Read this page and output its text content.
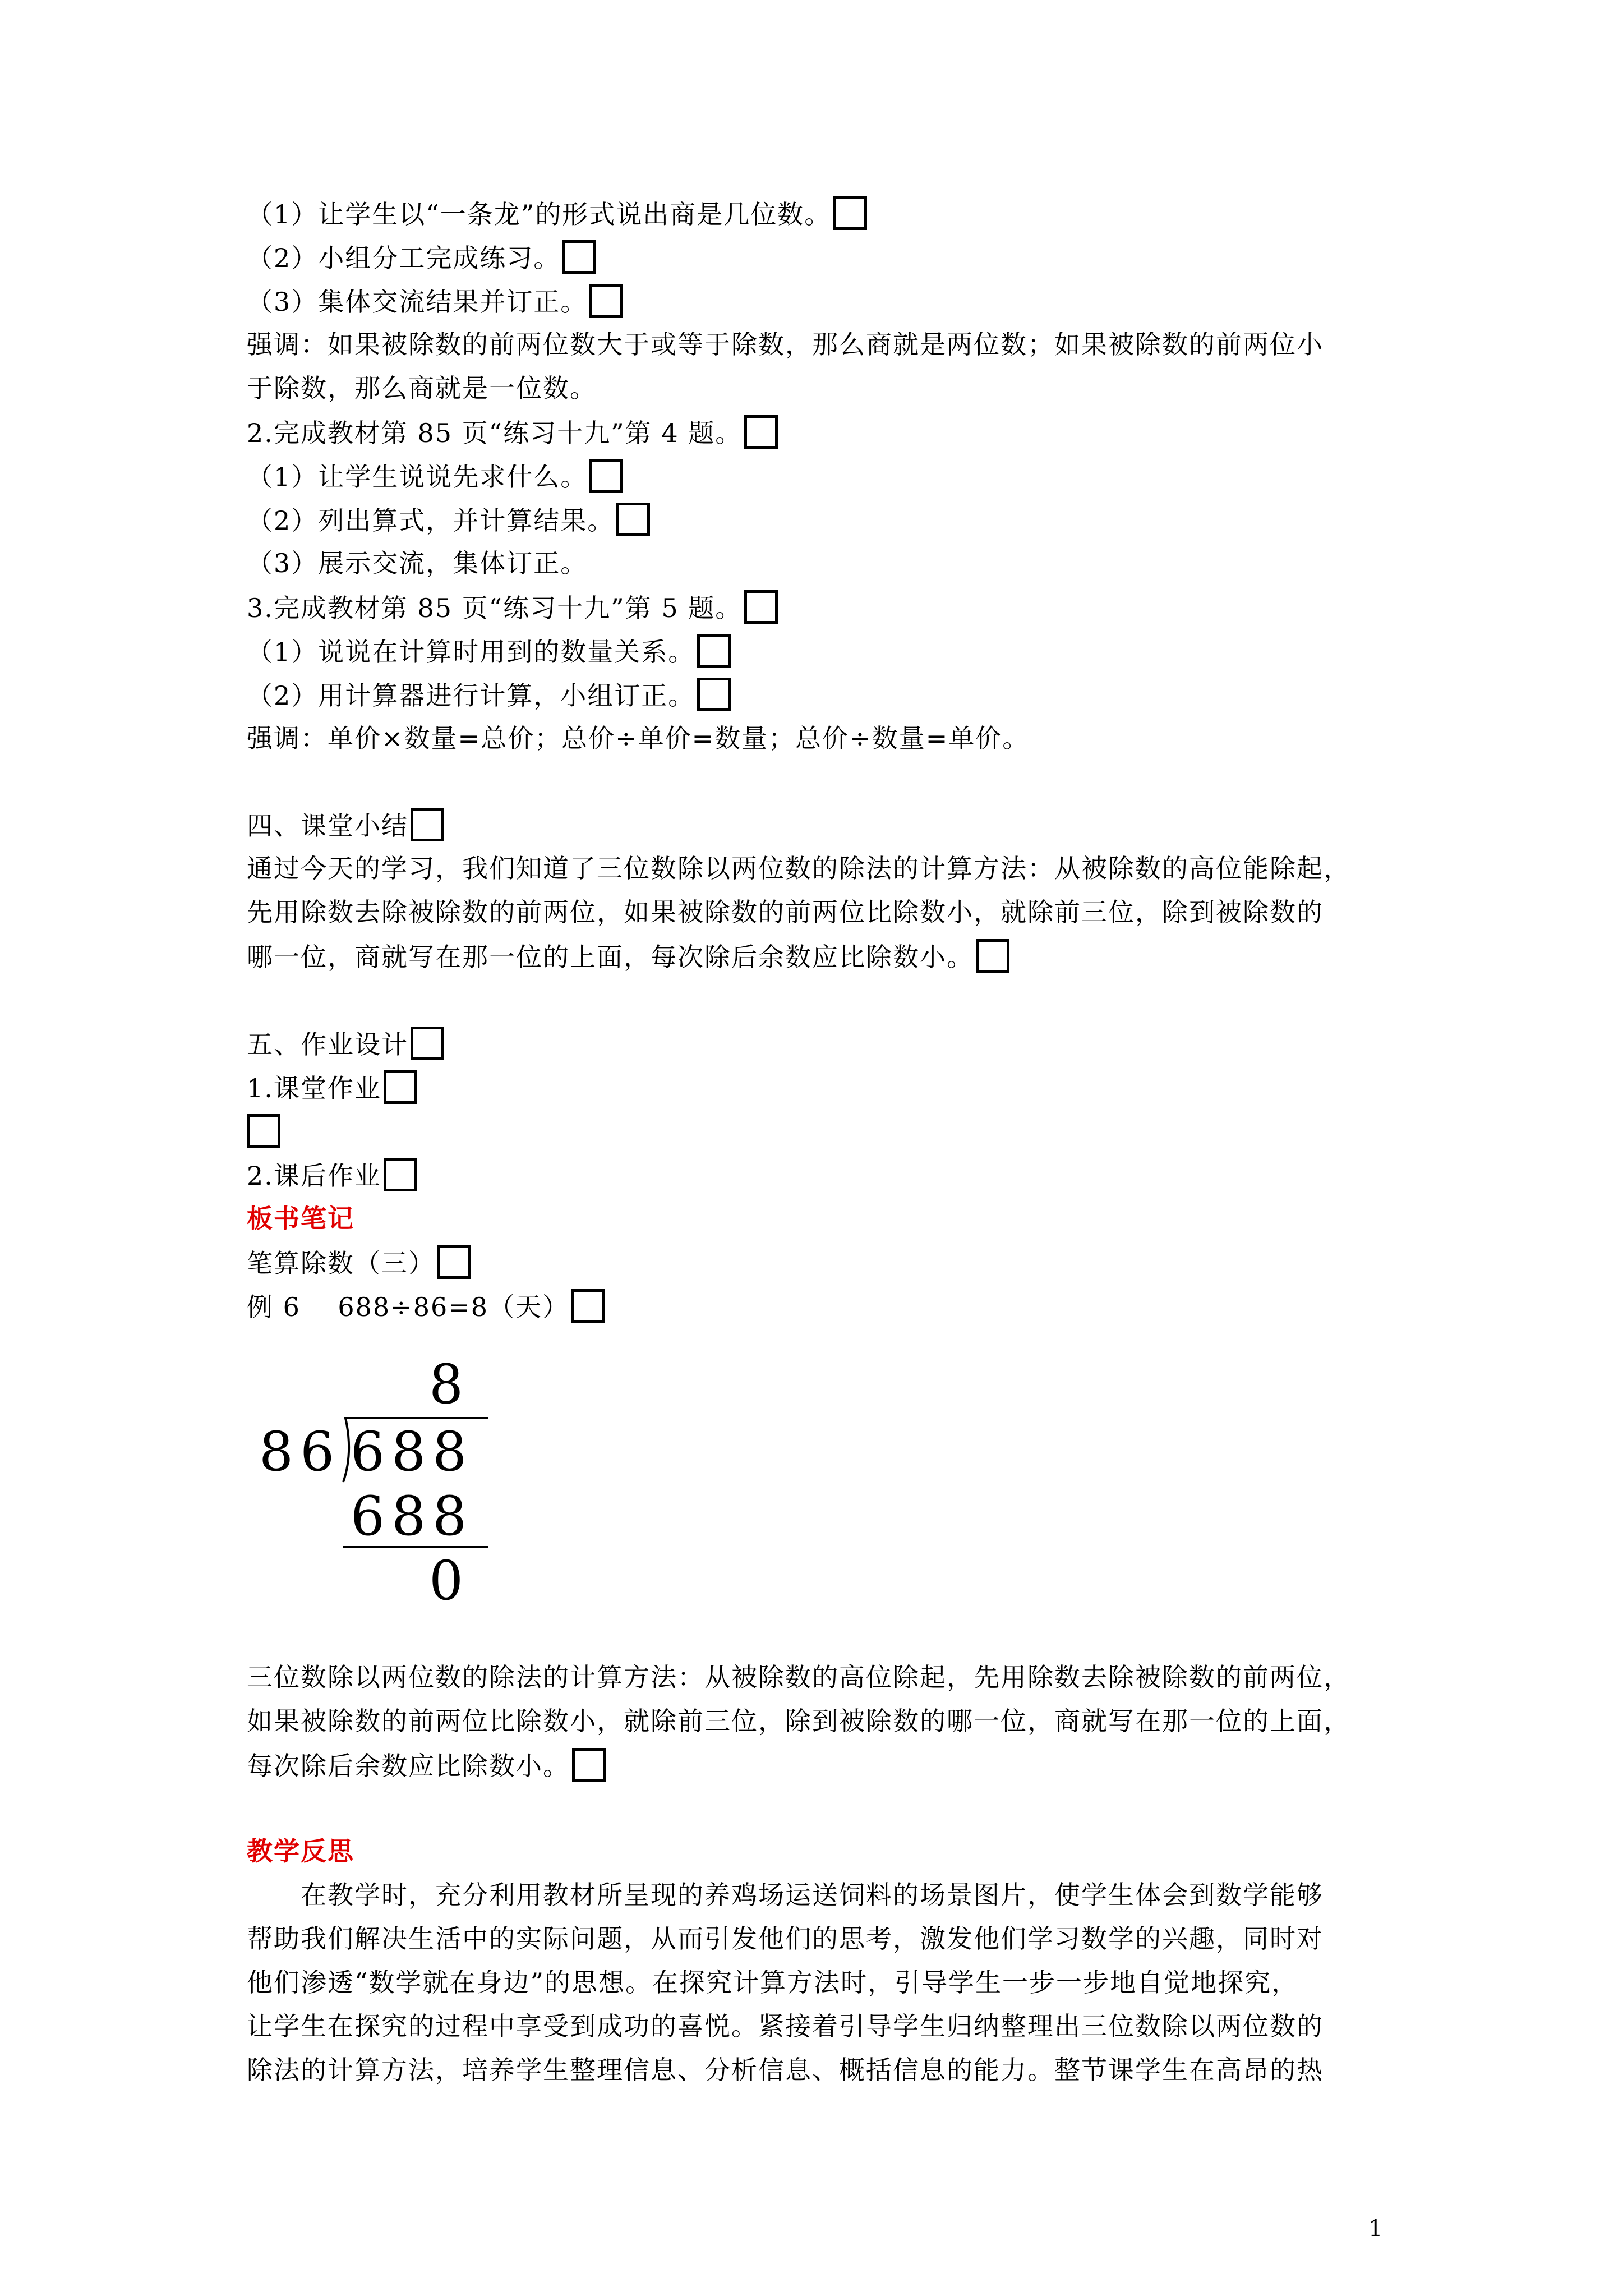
（1）让学生以“一条龙”的形式说出商是几位数。
（2）小组分工完成练习。
（3）集体交流结果并订正。
强调：如果被除数的前两位数大于或等于除数，那么商就是两位数；如果被除数的前两位小
于除数，那么商就是一位数。
2.完成教材第 85 页“练习十九”第 4 题。
（1）让学生说说先求什么。
（2）列出算式，并计算结果。
（3）展示交流，集体订正。
3.完成教材第 85 页“练习十九”第 5 题。
（1）说说在计算时用到的数量关系。
（2）用计算器进行计算，小组订正。
强调：单价×数量=总价；总价÷单价=数量；总价÷数量=单价。
四、课堂小结
通过今天的学习，我们知道了三位数除以两位数的除法的计算方法：从被除数的高位能除起，
先用除数去除被除数的前两位，如果被除数的前两位比除数小，就除前三位，除到被除数的
哪一位，商就写在那一位的上面，每次除后余数应比除数小。
五、作业设计
1.课堂作业
2.课后作业
板书笔记
笔算除数（三）
例 6    688÷86=8（天）
8
86 688
688
0
三位数除以两位数的除法的计算方法：从被除数的高位除起，先用除数去除被除数的前两位，
如果被除数的前两位比除数小，就除前三位，除到被除数的哪一位，商就写在那一位的上面，
每次除后余数应比除数小。
教学反思
在教学时，充分利用教材所呈现的养鸡场运送饲料的场景图片，使学生体会到数学能够
帮助我们解决生活中的实际问题，从而引发他们的思考，激发他们学习数学的兴趣，同时对
他们渗透“数学就在身边”的思想。在探究计算方法时，引导学生一步一步地自觉地探究，
让学生在探究的过程中享受到成功的喜悦。紧接着引导学生归纳整理出三位数除以两位数的
除法的计算方法，培养学生整理信息、分析信息、概括信息的能力。整节课学生在高昂的热
1
